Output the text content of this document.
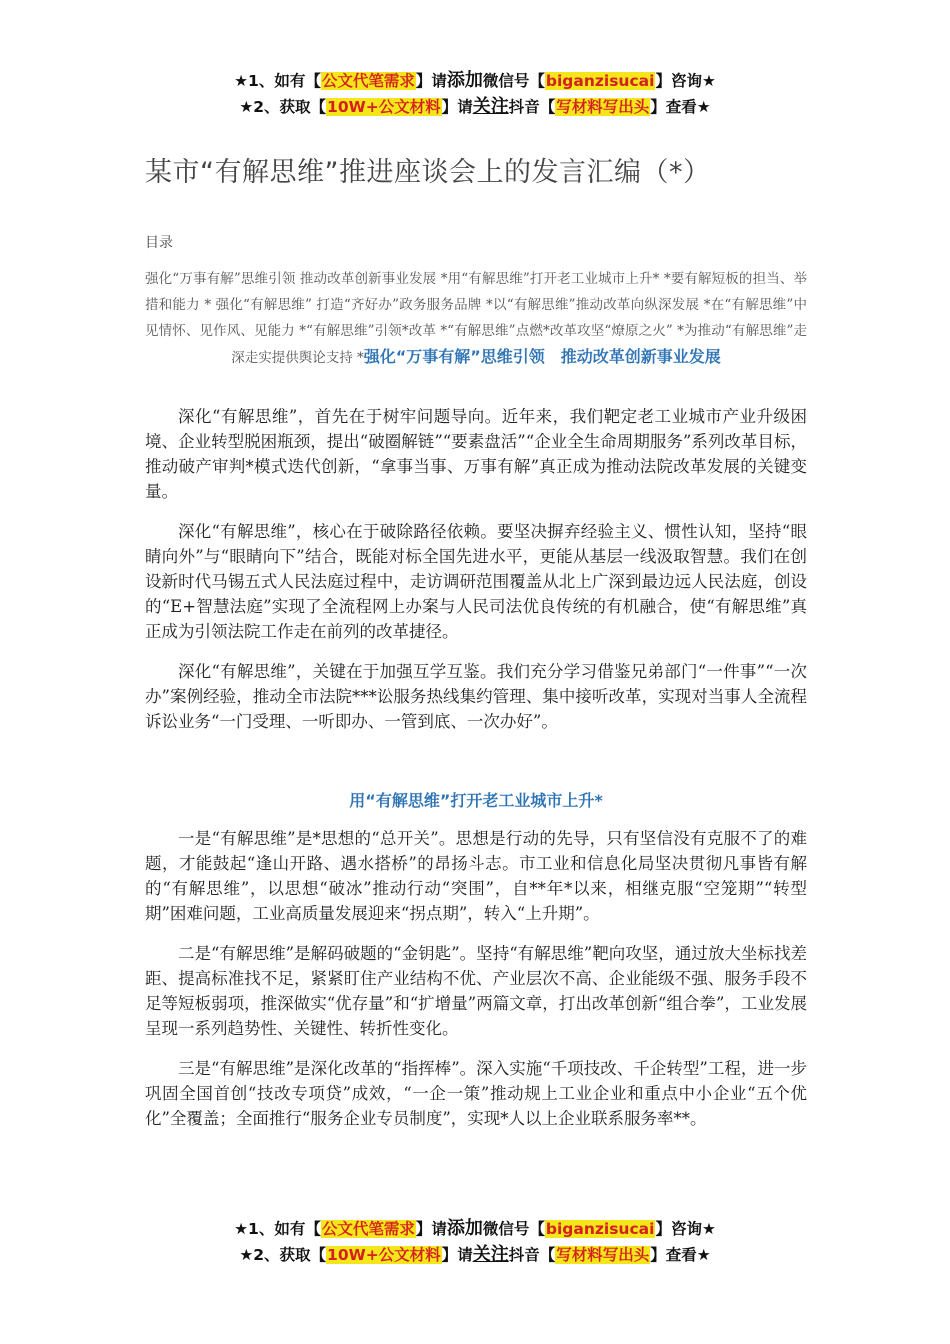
★1、如有【公文代笔需求】请添加微信号【biganzisucai】咨询★
★2、获取【10W+公文材料】请关注抖音【写材料写出头】查看★
某市“有解思维”推进座谈会上的发言汇编（*）
目录
强化“万事有解”思维引领 推动改革创新事业发展 *用“有解思维”打开老工业城市上升* *要有解短板的担当、举措和能力 * 强化“有解思维” 打造“齐好办”政务服务品牌 *以“有解思维”推动改革向纵深发展 *在“有解思维”中见情怀、见作风、见能力 *“有解思维”引领*改革 *“有解思维”点燃*改革攻坚“燎原之火” *为推动“有解思维”走深走实提供舆论支持 *强化“万事有解”思维引领　推动改革创新事业发展

深化“有解思维”，首先在于树牢问题导向。近年来，我们靶定老工业城市产业升级困境、企业转型脱困瓶颈，提出“破圈解链”“要素盘活”“企业全生命周期服务”系列改革目标，推动破产审判*模式迭代创新，“拿事当事、万事有解”真正成为推动法院改革发展的关键变量。

深化“有解思维”，核心在于破除路径依赖。要坚决摒弃经验主义、惯性认知，坚持“眼睛向外”与“眼睛向下”结合，既能对标全国先进水平，更能从基层一线汲取智慧。我们在创设新时代马锡五式人民法庭过程中，走访调研范围覆盖从北上广深到最边远人民法庭，创设的“E+智慧法庭”实现了全流程网上办案与人民司法优良传统的有机融合，使“有解思维”真正成为引领法院工作走在前列的改革捷径。

深化“有解思维”，关键在于加强互学互鉴。我们充分学习借鉴兄弟部门“一件事”“一次办”案例经验，推动全市法院***讼服务热线集约管理、集中接听改革，实现对当事人全流程诉讼业务“一门受理、一听即办、一管到底、一次办好”。

用“有解思维”打开老工业城市上升*

一是“有解思维”是*思想的“总开关”。思想是行动的先导，只有坚信没有克服不了的难题，才能鼓起“逢山开路、遇水搭桥”的昂扬斗志。市工业和信息化局坚决贯彻凡事皆有解的“有解思维”，以思想“破冰”推动行动“突围”，自**年*以来，相继克服“空笼期”“转型期”困难问题，工业高质量发展迎来“拐点期”，转入“上升期”。

二是“有解思维”是解码破题的“金钥匙”。坚持“有解思维”靶向攻坚，通过放大坐标找差距、提高标准找不足，紧紧盯住产业结构不优、产业层次不高、企业能级不强、服务手段不足等短板弱项，推深做实“优存量”和“扩增量”两篇文章，打出改革创新“组合拳”，工业发展呈现一系列趋势性、关键性、转折性变化。

三是“有解思维”是深化改革的“指挥棒”。深入实施“千项技改、千企转型”工程，进一步巩固全国首创“技改专项贷”成效，“一企一策”推动规上工业企业和重点中小企业“五个优化”全覆盖；全面推行“服务企业专员制度”，实现*人以上企业联系服务率**。

★1、如有【公文代笔需求】请添加微信号【biganzisucai】咨询★
★2、获取【10W+公文材料】请关注抖音【写材料写出头】查看★
